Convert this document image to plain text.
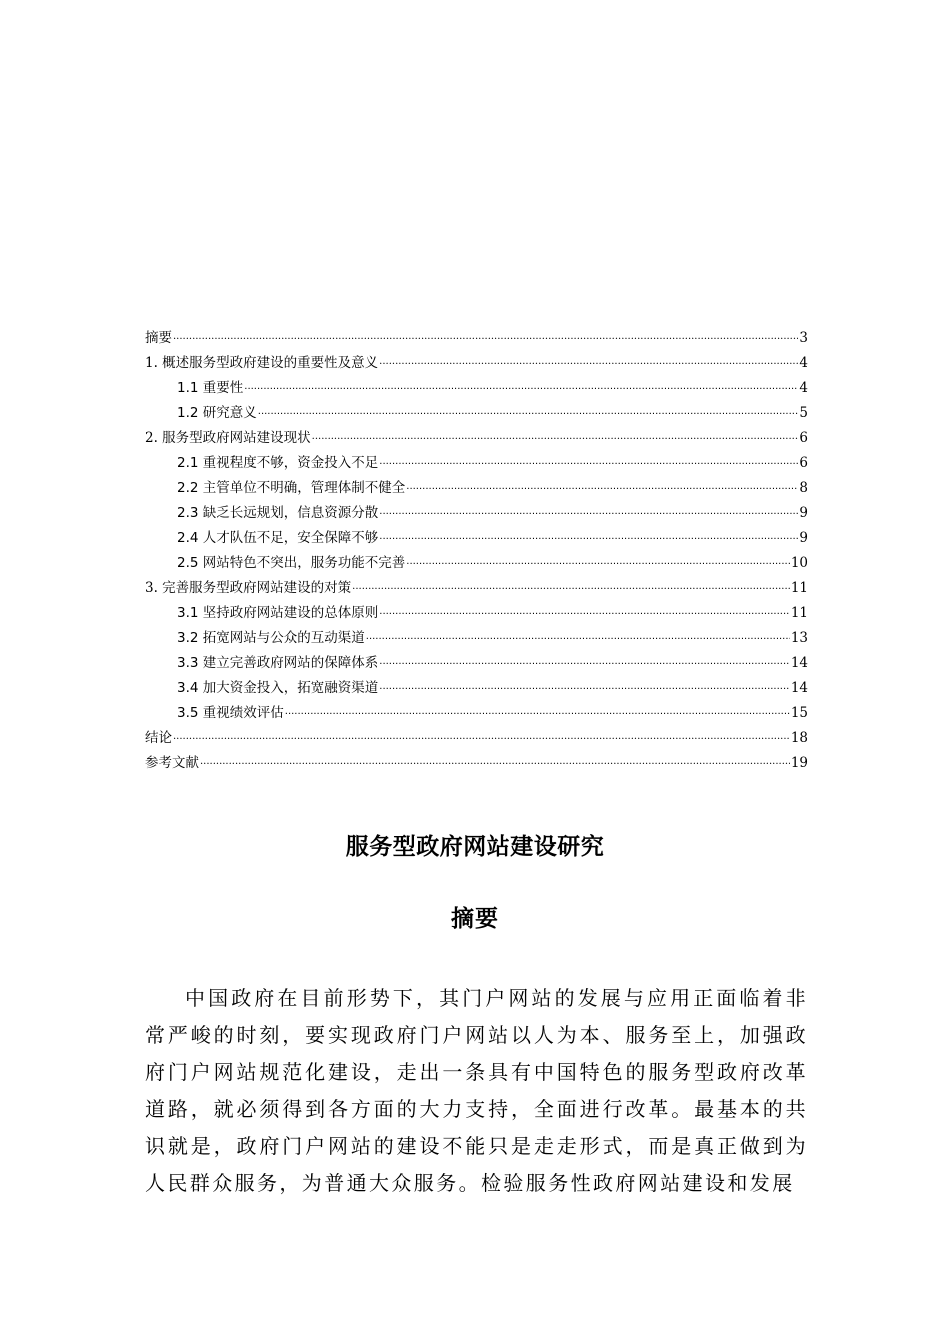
摘要 .....	3
1. 概述服务型政府建设的重要性及意义 .....	4
1.1 重要性 .....	4
1.2 研究意义 .....	5
2. 服务型政府网站建设现状 .....	6
2.1 重视程度不够，资金投入不足 .....	6
2.2 主管单位不明确，管理体制不健全 .....	8
2.3 缺乏长远规划，信息资源分散 .....	9
2.4 人才队伍不足，安全保障不够 .....	9
2.5 网站特色不突出，服务功能不完善 .....	10
3. 完善服务型政府网站建设的对策 .....	11
3.1 坚持政府网站建设的总体原则 .....	11
3.2 拓宽网站与公众的互动渠道 .....	13
3.3 建立完善政府网站的保障体系 .....	14
3.4 加大资金投入，拓宽融资渠道 .....	14
3.5 重视绩效评估 .....	15
结论 .....	18
参考文献 .....	19
服务型政府网站建设研究
摘要

中国政府在目前形势下，其门户网站的发展与应用正面临着非常严峻的时刻，要实现政府门户网站以人为本、服务至上，加强政府门户网站规范化建设，走出一条具有中国特色的服务型政府改革道路，就必须得到各方面的大力支持，全面进行改革。最基本的共识就是，政府门户网站的建设不能只是走走形式，而是真正做到为人民群众服务，为普通大众服务。检验服务性政府网站建设和发展
